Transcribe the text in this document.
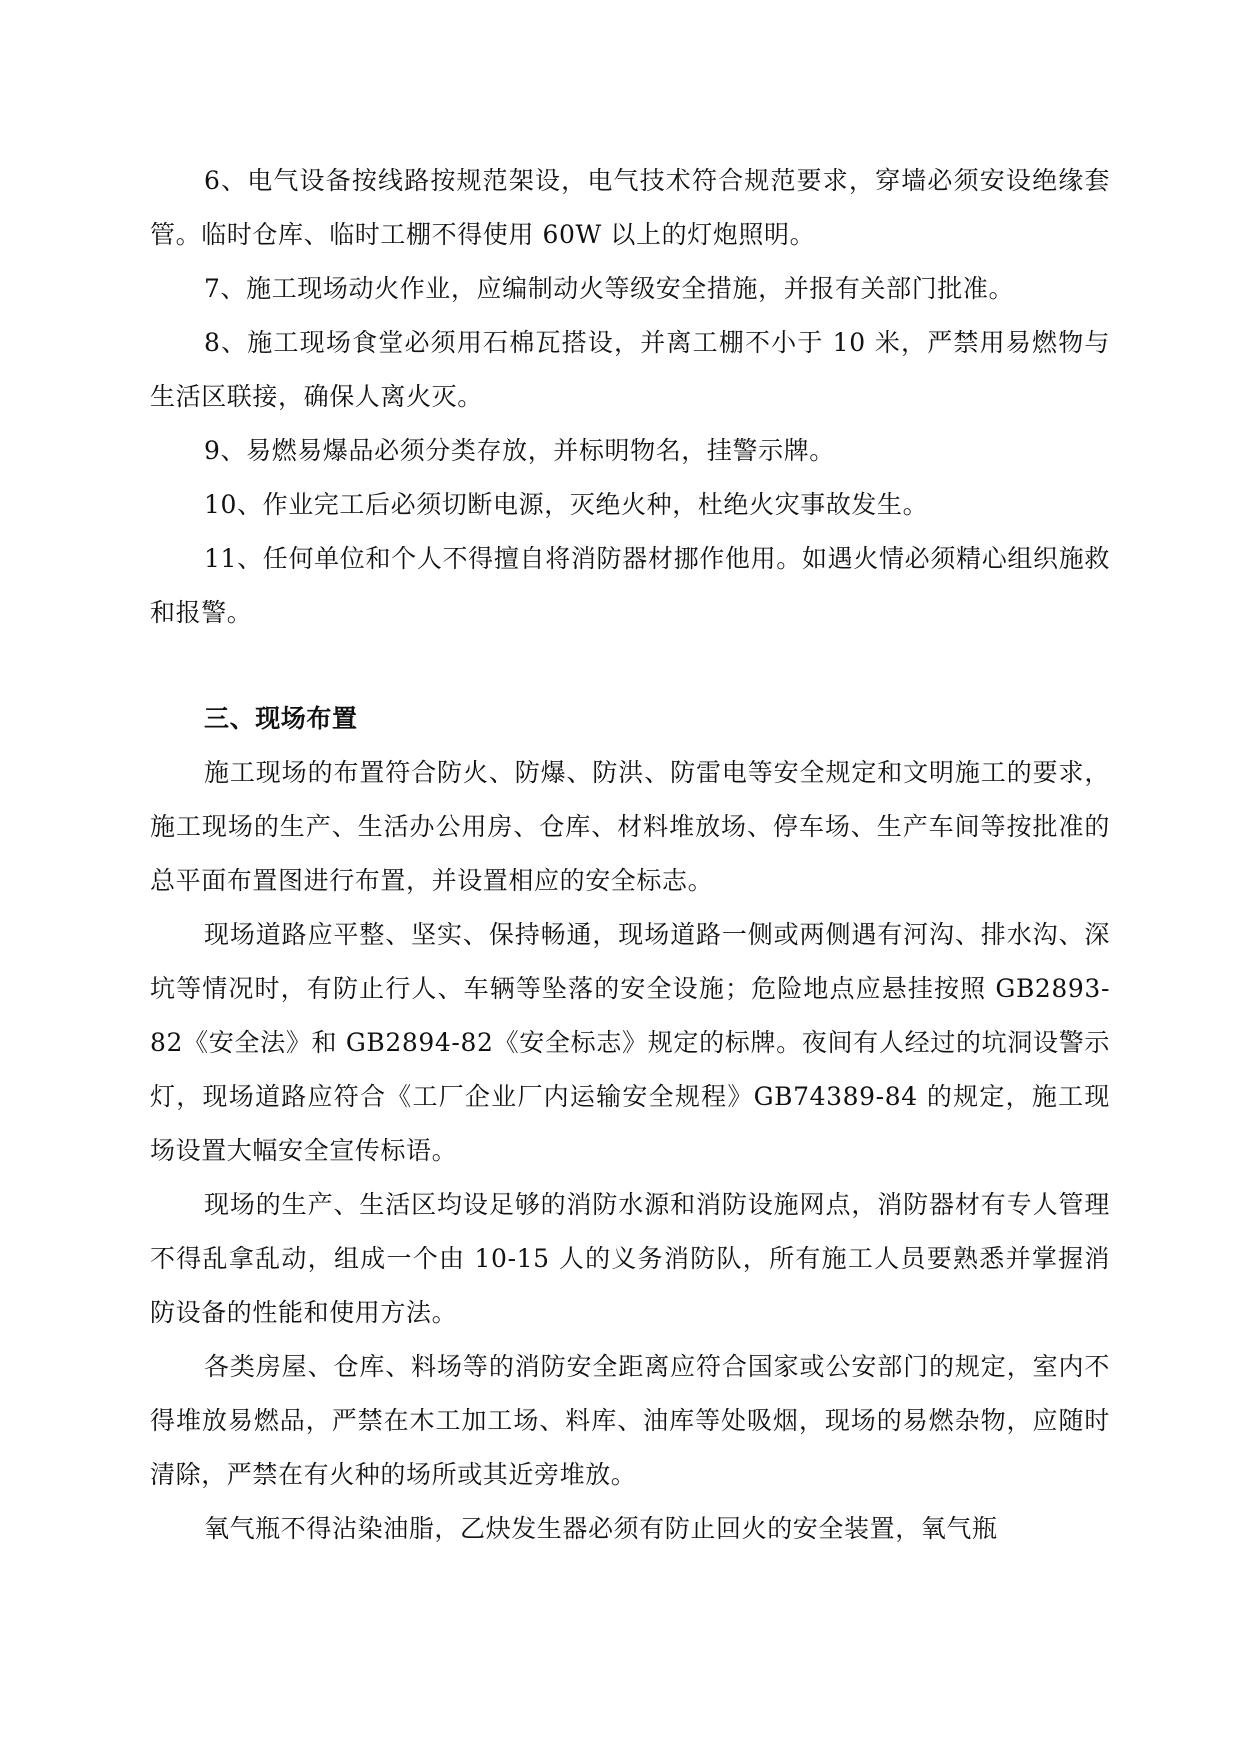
6、电气设备按线路按规范架设，电气技术符合规范要求，穿墙必须安设绝缘套管。临时仓库、临时工棚不得使用 60W 以上的灯炮照明。

7、施工现场动火作业，应编制动火等级安全措施，并报有关部门批准。

8、施工现场食堂必须用石棉瓦搭设，并离工棚不小于 10 米，严禁用易燃物与生活区联接，确保人离火灭。

9、易燃易爆品必须分类存放，并标明物名，挂警示牌。

10、作业完工后必须切断电源，灭绝火种，杜绝火灾事故发生。

11、任何单位和个人不得擅自将消防器材挪作他用。如遇火情必须精心组织施救和报警。

三、现场布置

施工现场的布置符合防火、防爆、防洪、防雷电等安全规定和文明施工的要求，施工现场的生产、生活办公用房、仓库、材料堆放场、停车场、生产车间等按批准的总平面布置图进行布置，并设置相应的安全标志。

现场道路应平整、坚实、保持畅通，现场道路一侧或两侧遇有河沟、排水沟、深坑等情况时，有防止行人、车辆等坠落的安全设施；危险地点应悬挂按照 GB2893-82《安全法》和 GB2894-82《安全标志》规定的标牌。夜间有人经过的坑洞设警示灯，现场道路应符合《工厂企业厂内运输安全规程》GB74389-84 的规定，施工现场设置大幅安全宣传标语。

现场的生产、生活区均设足够的消防水源和消防设施网点，消防器材有专人管理不得乱拿乱动，组成一个由 10-15 人的义务消防队，所有施工人员要熟悉并掌握消防设备的性能和使用方法。

各类房屋、仓库、料场等的消防安全距离应符合国家或公安部门的规定，室内不得堆放易燃品，严禁在木工加工场、料库、油库等处吸烟，现场的易燃杂物，应随时清除，严禁在有火种的场所或其近旁堆放。

氧气瓶不得沾染油脂，乙炔发生器必须有防止回火的安全装置，氧气瓶
